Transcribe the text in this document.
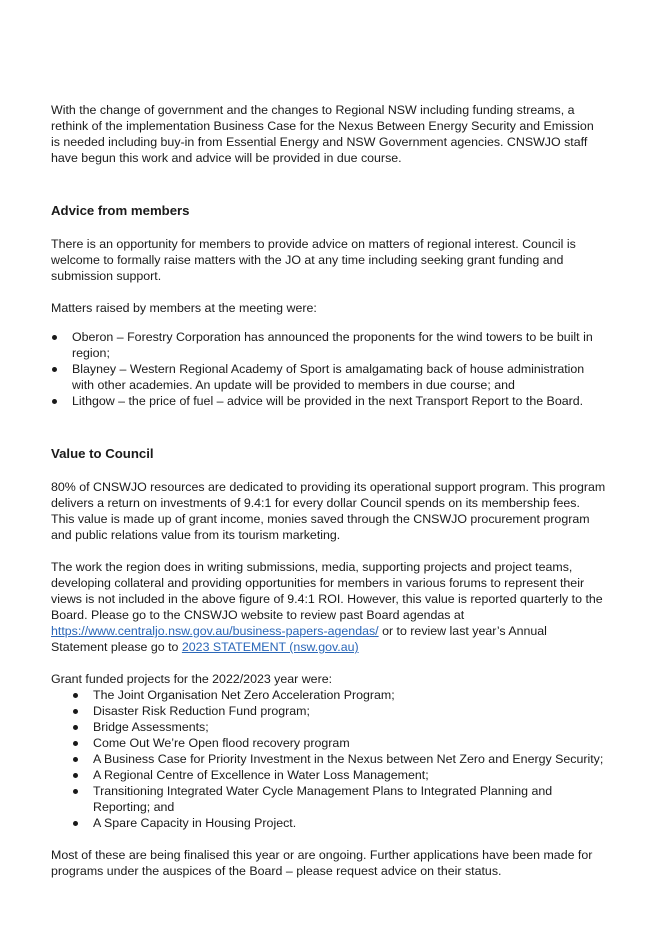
With the change of government and the changes to Regional NSW including funding streams, a rethink of the implementation Business Case for the Nexus Between Energy Security and Emission is needed including buy-in from Essential Energy and NSW Government agencies. CNSWJO staff have begun this work and advice will be provided in due course.

Advice from members

There is an opportunity for members to provide advice on matters of regional interest. Council is welcome to formally raise matters with the JO at any time including seeking grant funding and submission support.

Matters raised by members at the meeting were:

Oberon – Forestry Corporation has announced the proponents for the wind towers to be built in region;
Blayney – Western Regional Academy of Sport is amalgamating back of house administration with other academies. An update will be provided to members in due course; and
Lithgow – the price of fuel – advice will be provided in the next Transport Report to the Board.
Value to Council

80% of CNSWJO resources are dedicated to providing its operational support program. This program delivers a return on investments of 9.4:1 for every dollar Council spends on its membership fees. This value is made up of grant income, monies saved through the CNSWJO procurement program and public relations value from its tourism marketing.

The work the region does in writing submissions, media, supporting projects and project teams, developing collateral and providing opportunities for members in various forums to represent their views is not included in the above figure of 9.4:1 ROI. However, this value is reported quarterly to the Board. Please go to the CNSWJO website to review past Board agendas at https://www.centraljo.nsw.gov.au/business-papers-agendas/ or to review last year’s Annual Statement please go to 2023 STATEMENT (nsw.gov.au)

Grant funded projects for the 2022/2023 year were:

The Joint Organisation Net Zero Acceleration Program;
Disaster Risk Reduction Fund program;
Bridge Assessments;
Come Out We’re Open flood recovery program
A Business Case for Priority Investment in the Nexus between Net Zero and Energy Security;
A Regional Centre of Excellence in Water Loss Management;
Transitioning Integrated Water Cycle Management Plans to Integrated Planning and Reporting; and
A Spare Capacity in Housing Project.

Most of these are being finalised this year or are ongoing. Further applications have been made for programs under the auspices of the Board – please request advice on their status.
